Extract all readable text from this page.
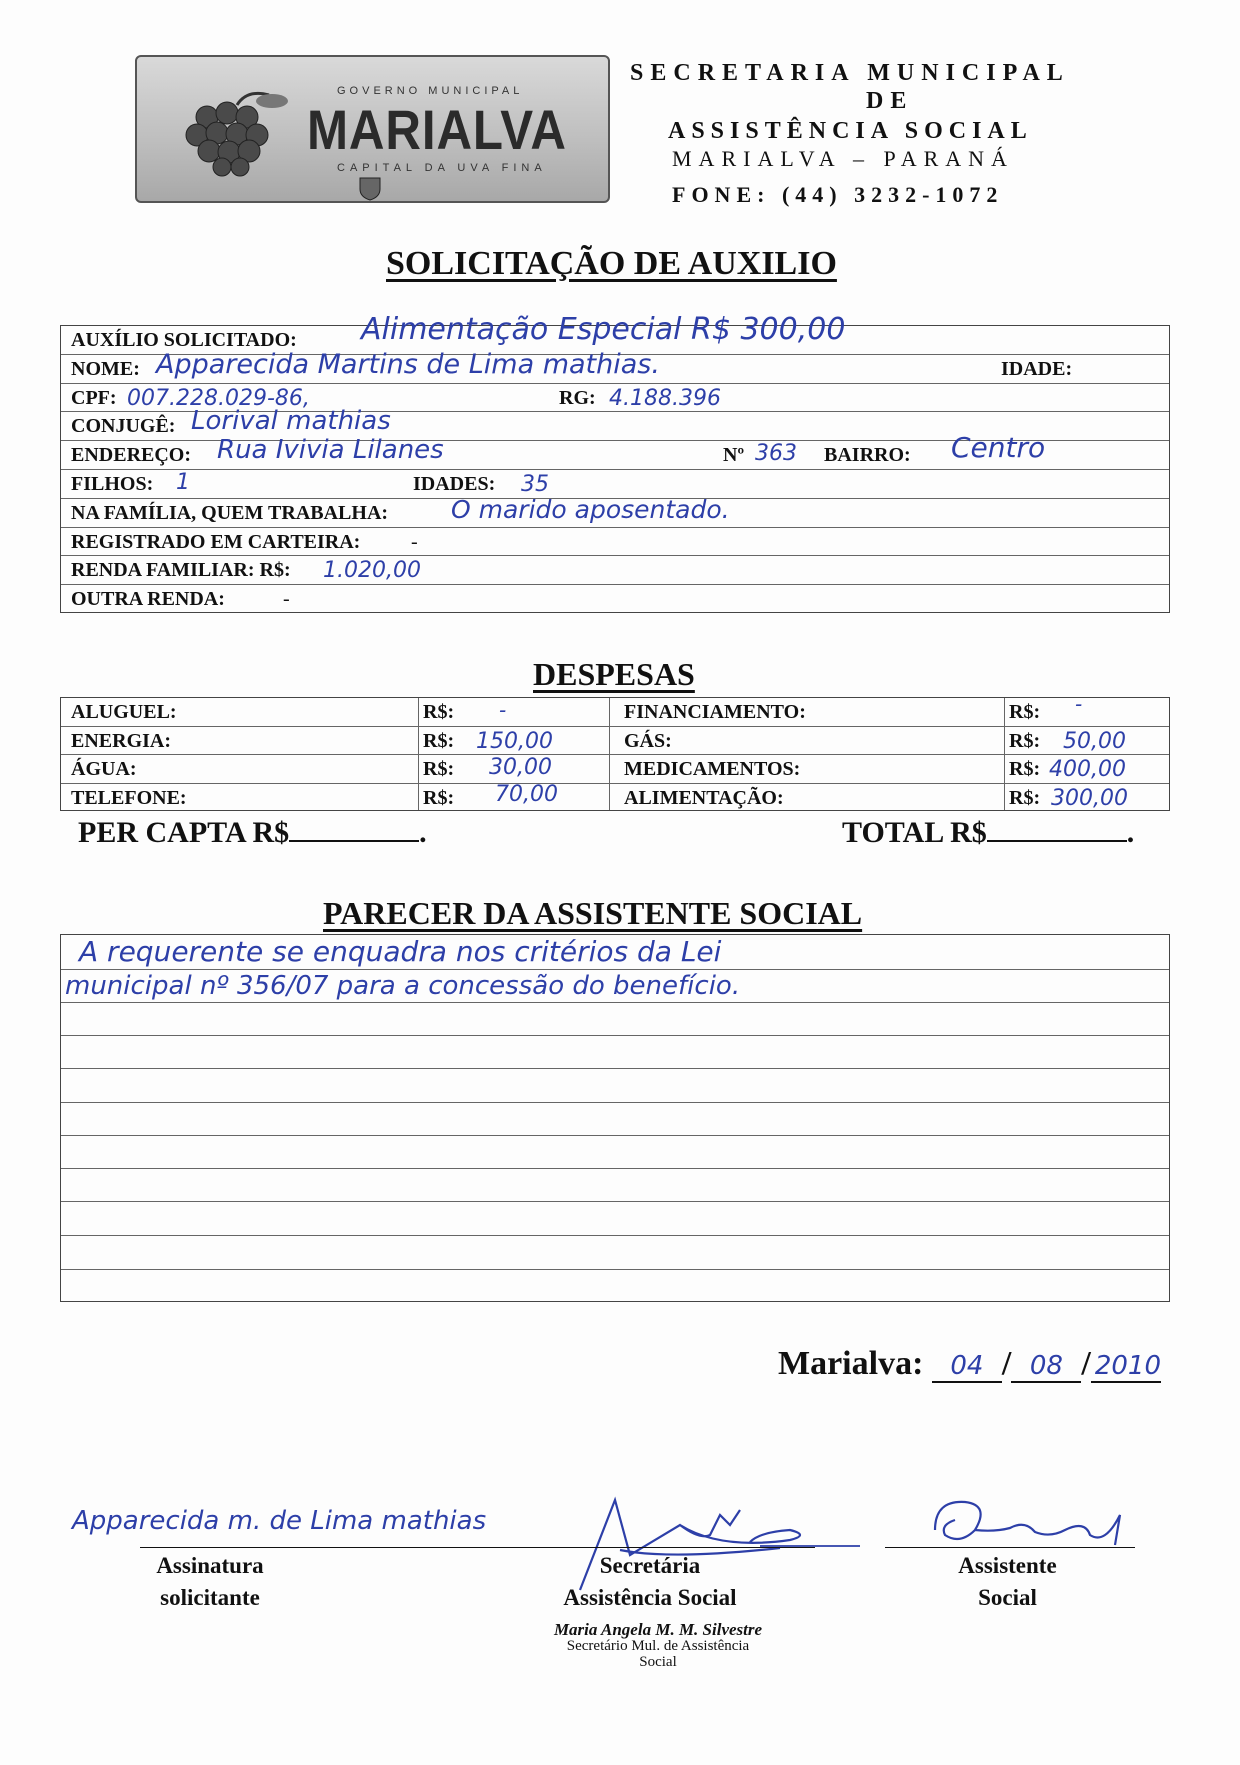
GOVERNO MUNICIPAL
MARIALVA
CAPITAL DA UVA FINA
SECRETARIA MUNICIPAL
DE
ASSISTÊNCIA SOCIAL
MARIALVA – PARANÁ
FONE: (44) 3232-1072
SOLICITAÇÃO DE AUXILIO
AUXÍLIO SOLICITADO: Alimentação Especial R$ 300,00
NOME: Apparecida Martins de Lima mathias.	IDADE:
CPF: 007.228.029-86,	RG: 4.188.396
CONJUGÊ: Lorival mathias
ENDEREÇO: Rua Ivivia Lilanes	Nº 363 BAIRRO: Centro
FILHOS: 1	IDADES: 35
NA FAMÍLIA, QUEM TRABALHA:	O marido aposentado.
REGISTRADO EM CARTEIRA:	-
RENDA FAMILIAR: R$: 1.020,00
OUTRA RENDA:	-
DESPESAS
ALUGUEL:	R$: -	FINANCIAMENTO:	R$: -
ENERGIA:	R$: 150,00	GÁS:	R$: 50,00
ÁGUA:	R$: 30,00	MEDICAMENTOS:	R$: 400,00
TELEFONE:	R$: 70,00	ALIMENTAÇÃO:	R$: 300,00
PER CAPTA R$	.	TOTAL R$	.
PARECER DA ASSISTENTE SOCIAL
A requerente se enquadra nos critérios da Lei
municipal nº 356/07 para a concessão do benefício.
Marialva: 04 / 08 / 2010
Apparecida m. de Lima mathias
Assinatura
solicitante
Secretária
Assistência Social
Assistente
Social
Maria Angela M. M. Silvestre
Secretário Mul. de Assistência
Social
